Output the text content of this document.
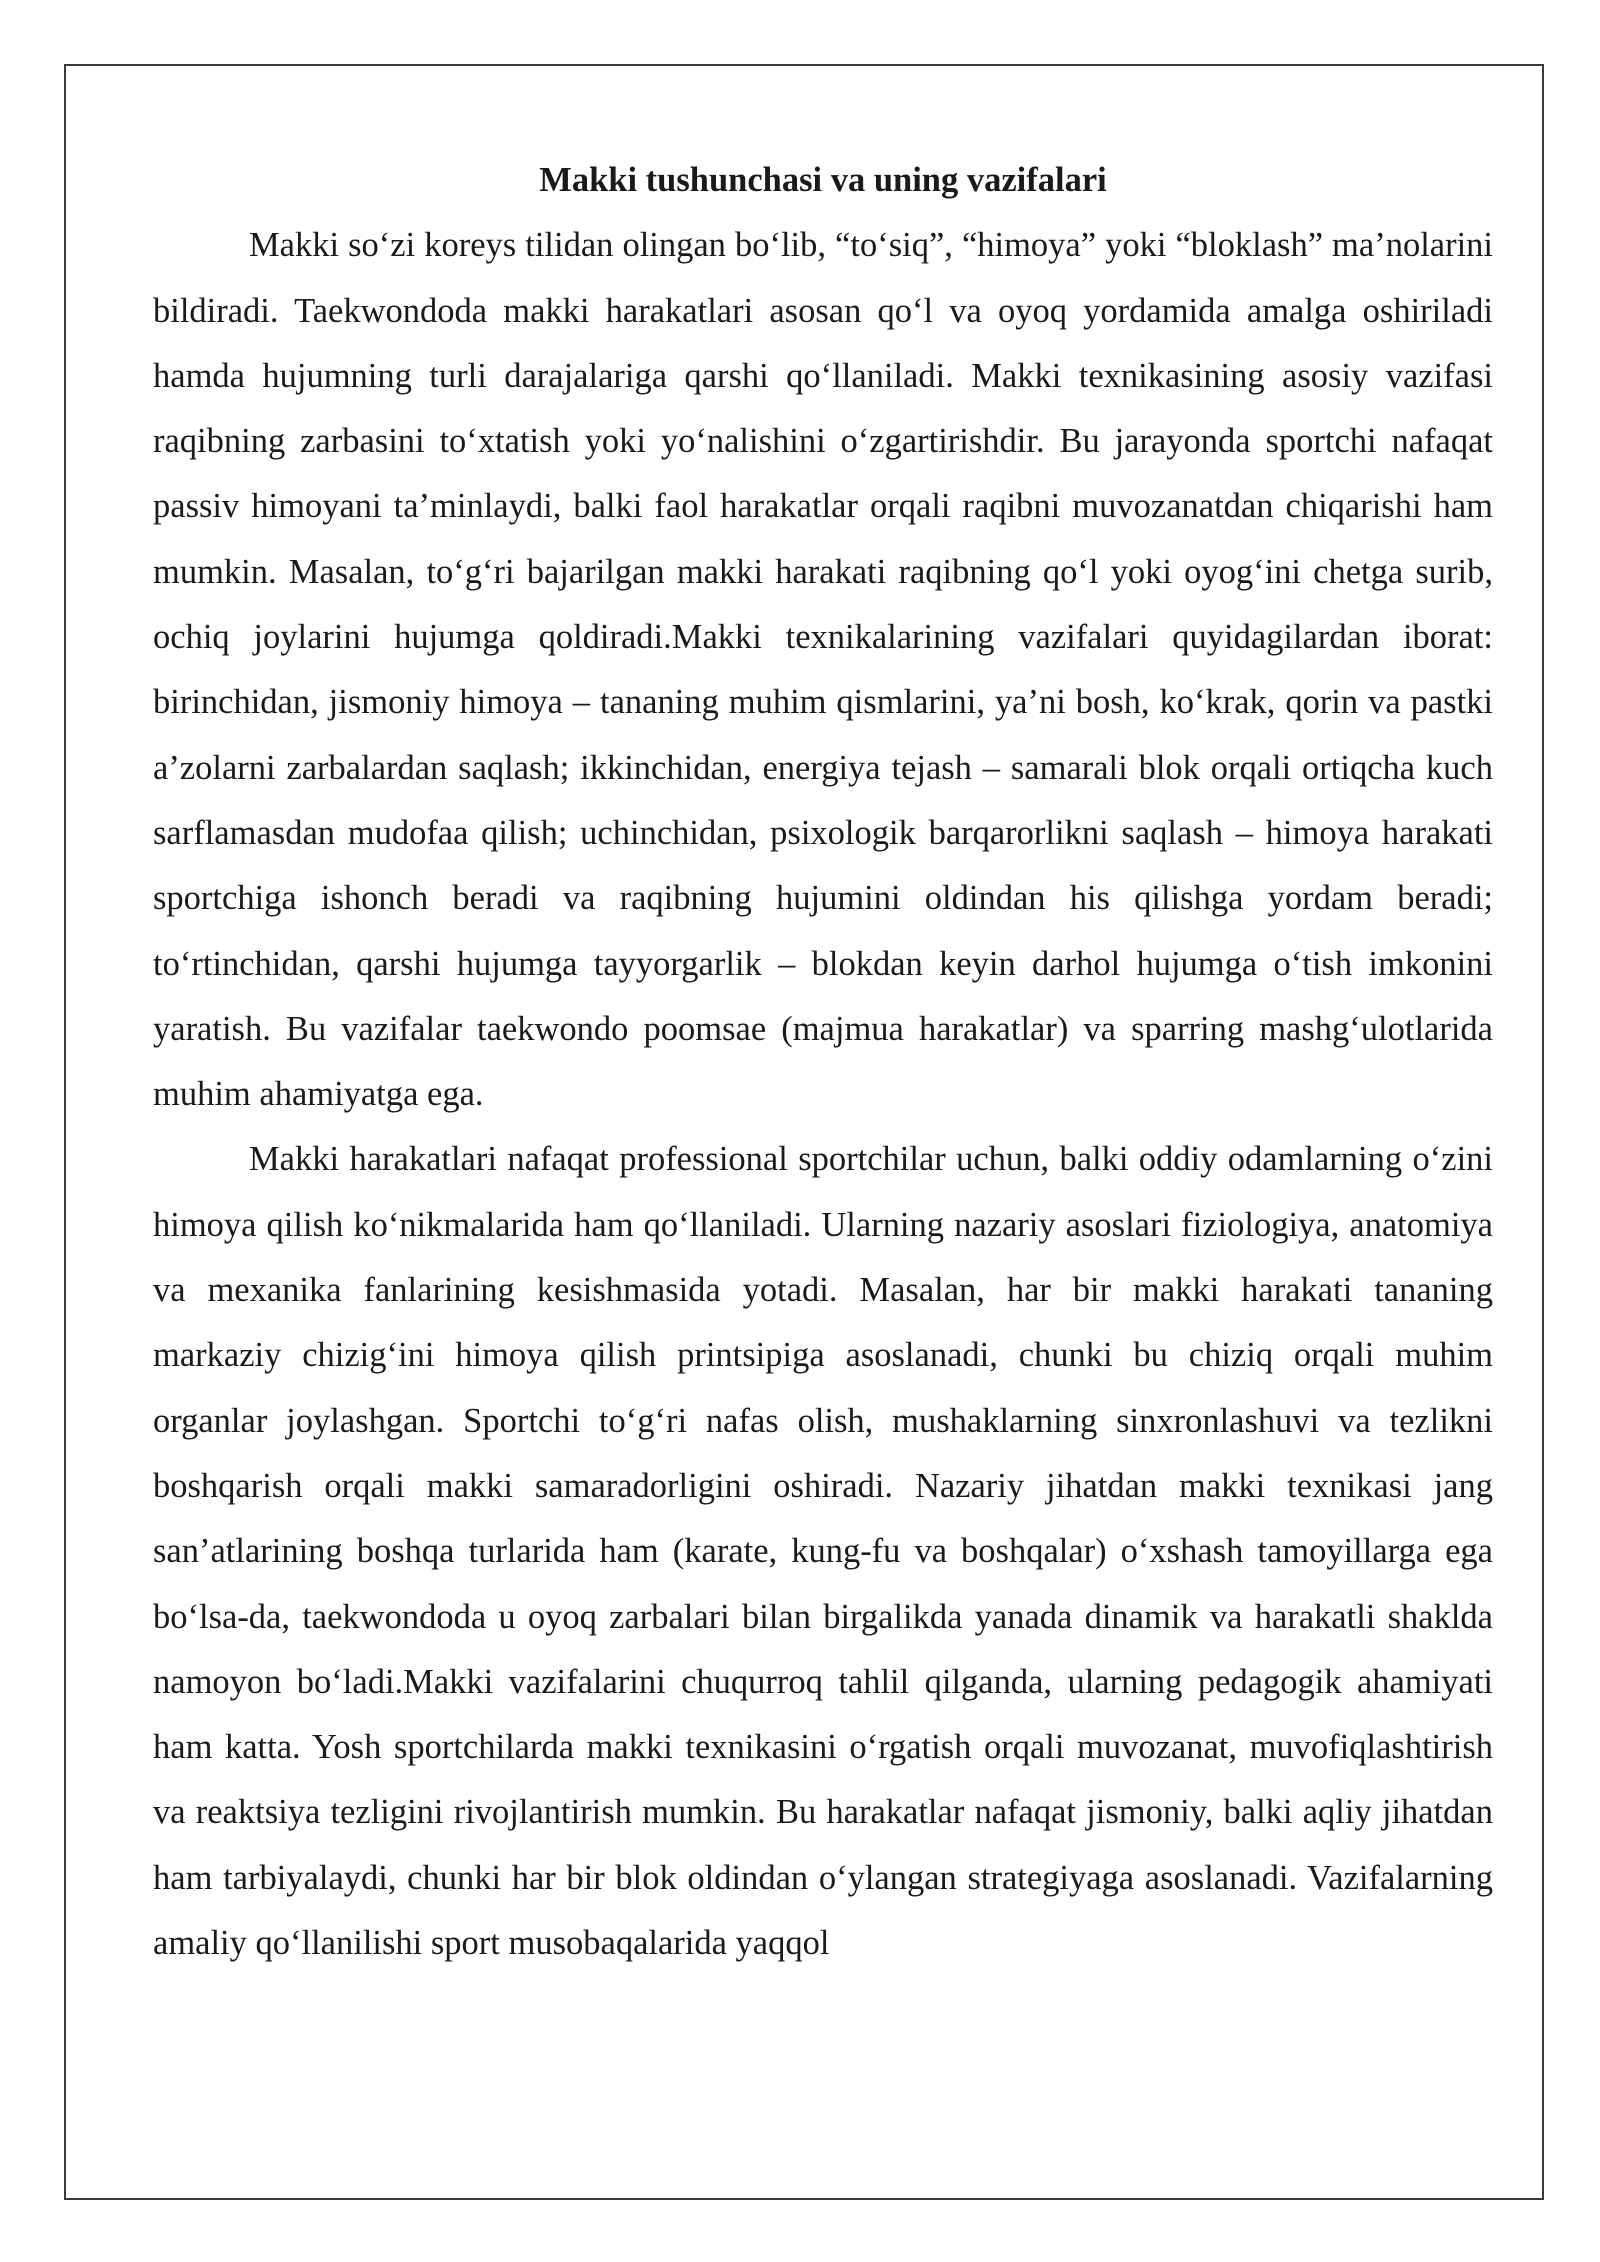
Makki tushunchasi va uning vazifalari

Makki so‘zi koreys tilidan olingan bo‘lib, “to‘siq”, “himoya” yoki “bloklash” ma’nolarini bildiradi. Taekwondoda makki harakatlari asosan qo‘l va oyoq yordamida amalga oshiriladi hamda hujumning turli darajalariga qarshi qo‘llaniladi. Makki texnikasining asosiy vazifasi raqibning zarbasini to‘xtatish yoki yo‘nalishini o‘zgartirishdir. Bu jarayonda sportchi nafaqat passiv himoyani ta’minlaydi, balki faol harakatlar orqali raqibni muvozanatdan chiqarishi ham mumkin. Masalan, to‘g‘ri bajarilgan makki harakati raqibning qo‘l yoki oyog‘ini chetga surib, ochiq joylarini hujumga qoldiradi.Makki texnikalarining vazifalari quyidagilardan iborat: birinchidan, jismoniy himoya – tananing muhim qismlarini, ya’ni bosh, ko‘krak, qorin va pastki a’zolarni zarbalardan saqlash; ikkinchidan, energiya tejash – samarali blok orqali ortiqcha kuch sarflamasdan mudofaa qilish; uchinchidan, psixologik barqarorlikni saqlash – himoya harakati sportchiga ishonch beradi va raqibning hujumini oldindan his qilishga yordam beradi; to‘rtinchidan, qarshi hujumga tayyorgarlik – blokdan keyin darhol hujumga o‘tish imkonini yaratish. Bu vazifalar taekwondo poomsae (majmua harakatlar) va sparring mashg‘ulotlarida muhim ahamiyatga ega.

Makki harakatlari nafaqat professional sportchilar uchun, balki oddiy odamlarning o‘zini himoya qilish ko‘nikmalarida ham qo‘llaniladi. Ularning nazariy asoslari fiziologiya, anatomiya va mexanika fanlarining kesishmasida yotadi. Masalan, har bir makki harakati tananing markaziy chizig‘ini himoya qilish printsipiga asoslanadi, chunki bu chiziq orqali muhim organlar joylashgan. Sportchi to‘g‘ri nafas olish, mushaklarning sinxronlashuvi va tezlikni boshqarish orqali makki samaradorligini oshiradi. Nazariy jihatdan makki texnikasi jang san’atlarining boshqa turlarida ham (karate, kung-fu va boshqalar) o‘xshash tamoyillarga ega bo‘lsa-da, taekwondoda u oyoq zarbalari bilan birgalikda yanada dinamik va harakatli shaklda namoyon bo‘ladi.Makki vazifalarini chuqurroq tahlil qilganda, ularning pedagogik ahamiyati ham katta. Yosh sportchilarda makki texnikasini o‘rgatish orqali muvozanat, muvofiqlashtirish va reaktsiya tezligini rivojlantirish mumkin. Bu harakatlar nafaqat jismoniy, balki aqliy jihatdan ham tarbiyalaydi, chunki har bir blok oldindan o‘ylangan strategiyaga asoslanadi. Vazifalarning amaliy qo‘llanilishi sport musobaqalarida yaqqol
